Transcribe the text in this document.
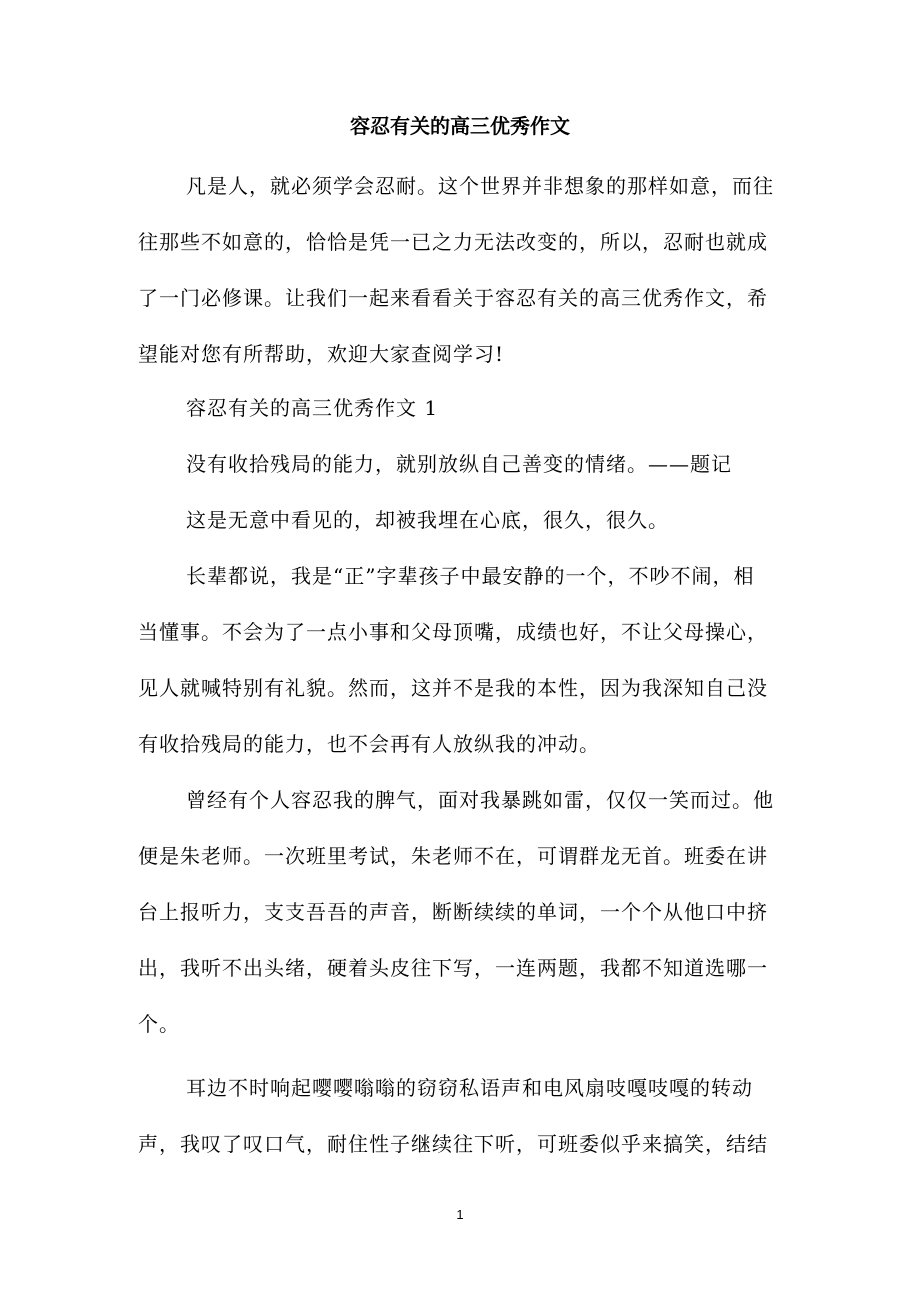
容忍有关的高三优秀作文
凡是人，就必须学会忍耐。这个世界并非想象的那样如意，而往
往那些不如意的，恰恰是凭一已之力无法改变的，所以，忍耐也就成
了一门必修课。让我们一起来看看关于容忍有关的高三优秀作文，希
望能对您有所帮助，欢迎大家查阅学习!
容忍有关的高三优秀作文 1
没有收拾残局的能力，就别放纵自己善变的情绪。——题记
这是无意中看见的，却被我埋在心底，很久，很久。
长辈都说，我是“正”字辈孩子中最安静的一个，不吵不闹，相
当懂事。不会为了一点小事和父母顶嘴，成绩也好，不让父母操心，
见人就喊特别有礼貌。然而，这并不是我的本性，因为我深知自己没
有收拾残局的能力，也不会再有人放纵我的冲动。
曾经有个人容忍我的脾气，面对我暴跳如雷，仅仅一笑而过。他
便是朱老师。一次班里考试，朱老师不在，可谓群龙无首。班委在讲
台上报听力，支支吾吾的声音，断断续续的单词，一个个从他口中挤
出，我听不出头绪，硬着头皮往下写，一连两题，我都不知道选哪一
个。
耳边不时响起嘤嘤嗡嗡的窃窃私语声和电风扇吱嘎吱嘎的转动
声，我叹了叹口气，耐住性子继续往下听，可班委似乎来搞笑，结结
1
